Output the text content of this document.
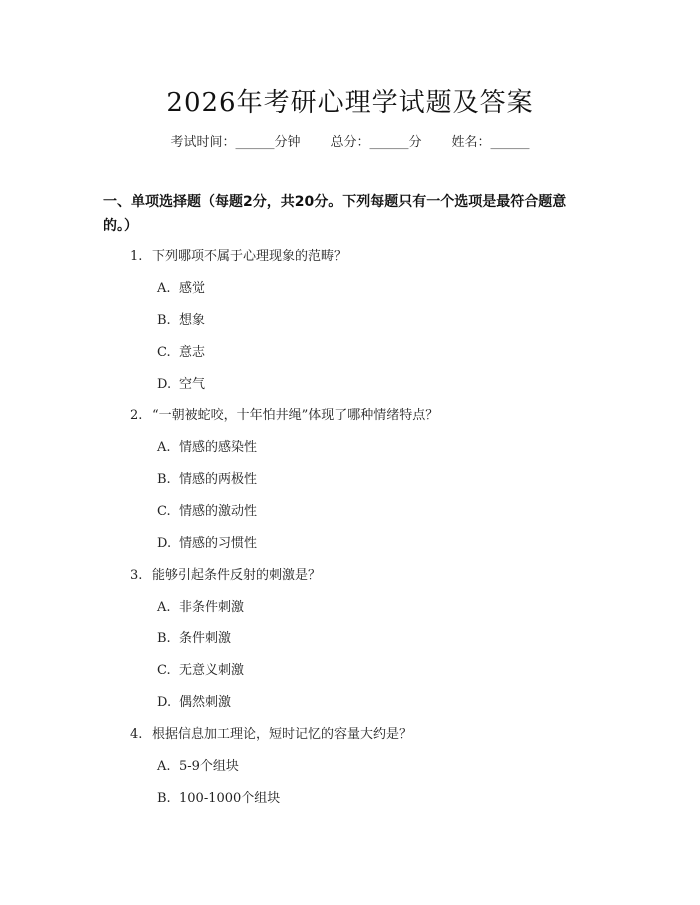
2026年考研心理学试题及答案
考试时间：______分钟 总分：______分 姓名：______
一、单项选择题（每题2分，共20分。下列每题只有一个选项是最符合题意的。）
1. 下列哪项不属于心理现象的范畴？
A. 感觉
B. 想象
C. 意志
D. 空气
2. “一朝被蛇咬，十年怕井绳”体现了哪种情绪特点？
A. 情感的感染性
B. 情感的两极性
C. 情感的激动性
D. 情感的习惯性
3. 能够引起条件反射的刺激是？
A. 非条件刺激
B. 条件刺激
C. 无意义刺激
D. 偶然刺激
4. 根据信息加工理论，短时记忆的容量大约是？
A. 5-9个组块
B. 100-1000个组块
